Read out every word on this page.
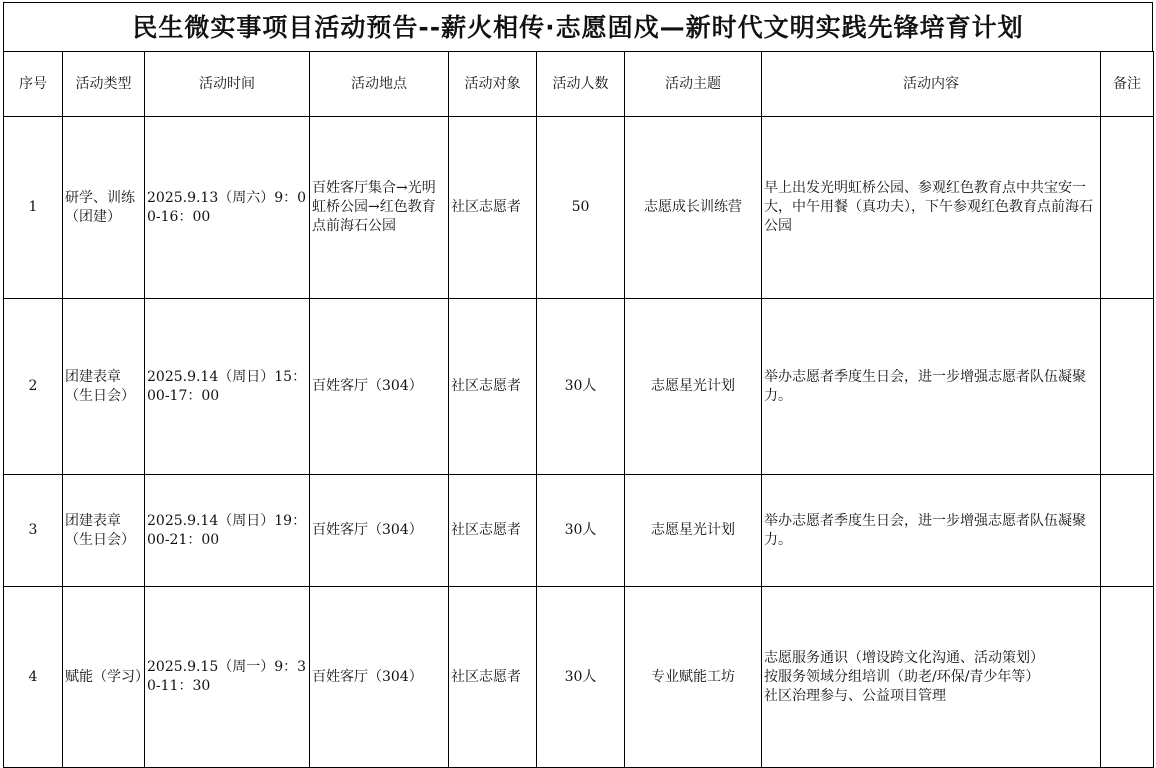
民生微实事项目活动预告--薪火相传·志愿固戍—新时代文明实践先锋培育计划
序号	活动类型	活动时间	活动地点	活动对象	活动人数	活动主题	活动内容	备注
1	研学、训练（团建）	2025.9.13（周六）9：00-16：00	百姓客厅集合→光明虹桥公园→红色教育点前海石公园	社区志愿者	50	志愿成长训练营	早上出发光明虹桥公园、参观红色教育点中共宝安一大，中午用餐（真功夫），下午参观红色教育点前海石公园	

2	团建表章（生日会）	2025.9.14（周日）15：00-17：00	百姓客厅（304）	社区志愿者	30人	志愿星光计划	举办志愿者季度生日会，进一步增强志愿者队伍凝聚力。	

3	团建表章（生日会）	2025.9.14（周日）19：00-21：00	百姓客厅（304）	社区志愿者	30人	志愿星光计划	举办志愿者季度生日会，进一步增强志愿者队伍凝聚力。	

4	赋能（学习）	2025.9.15（周一）9：30-11：30	百姓客厅（304）	社区志愿者	30人	专业赋能工坊	志愿服务通识（增设跨文化沟通、活动策划）
按服务领域分组培训（助老/环保/青少年等）
社区治理参与、公益项目管理	
